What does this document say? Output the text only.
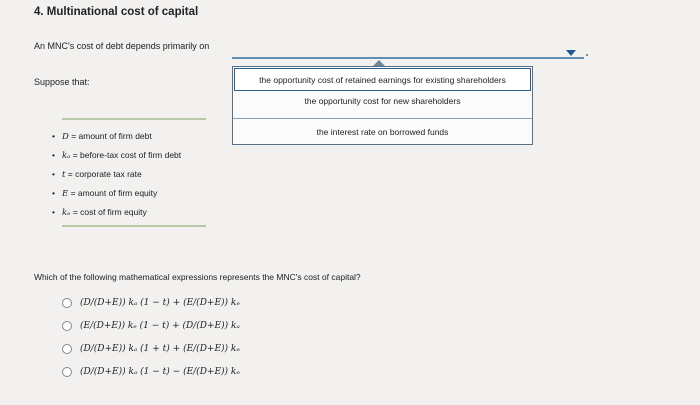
4. Multinational cost of capital
An MNC's cost of debt depends primarily on
Suppose that:	the opportunity cost of retained earnings for existing shareholders
the opportunity cost for new shareholders
the interest rate on borrowed funds
• D = amount of firm debt
• kₐ = before-tax cost of firm debt
• t = corporate tax rate
• E = amount of firm equity
• kₑ = cost of firm equity
Which of the following mathematical expressions represents the MNC's cost of capital?
(D/(D+E)) kₐ (1 − t) + (E/(D+E)) kₑ
(E/(D+E)) kₑ (1 − t) + (D/(D+E)) kₐ
(D/(D+E)) kₐ (1 + t) + (E/(D+E)) kₑ
(D/(D+E)) kₐ (1 − t) − (E/(D+E)) kₑ
